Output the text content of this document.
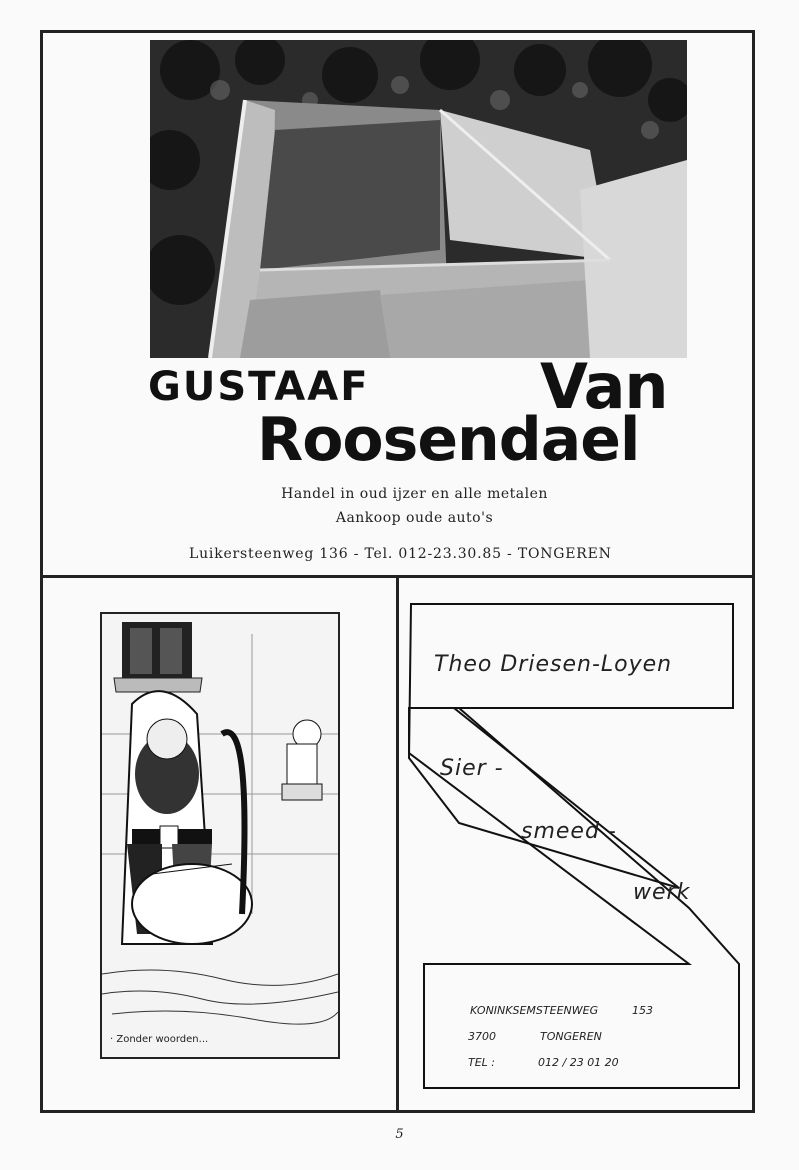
GUSTAAF	Van
Roosendael
Handel in oud ijzer en alle metalen
Aankoop oude auto's
Luikersteenweg 136 - Tel. 012-23.30.85 - TONGEREN
· Zonder woorden...
Theo Driesen-Loyen
Sier -
smeed -
werk
KONINKSEMSTEENWEG	153
3700	TONGEREN
TEL :	012 / 23 01 20
5
